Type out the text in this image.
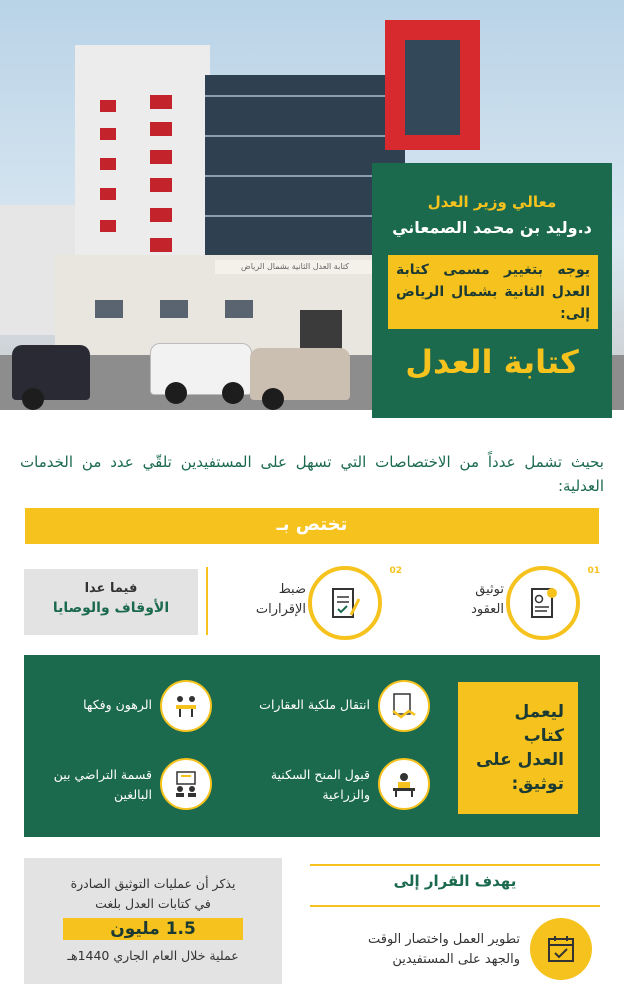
كتابة العدل الثانية بشمال الرياض
معالي وزير العدل
د.وليد بن محمد الصمعاني
يوجه بتغيير مسمى كتابة العدل الثانية بشمال الرياض إلى:
كتابة العدل
بحيث تشمل عدداً من الاختصاصات التي تسهل على المستفيدين تلقّي عدد من الخدمات العدلية:
تختص بـ
01
توثيق
العقود
02
ضبط
الإقرارات
فيما عدا
الأوقاف والوصايا
ليعمل كتاب
العدل على
توثيق:
انتقال ملكية العقارات
الرهون وفكها
قبول المنح السكنية
والزراعية
قسمة التراضي بين
البالغين
يذكر أن عمليات التوثيق الصادرة
في كتابات العدل بلغت
1.5 مليون
عملية خلال العام الجاري 1440هـ
يهدف القرار إلى
تطوير العمل واختصار الوقت
والجهد على المستفيدين
